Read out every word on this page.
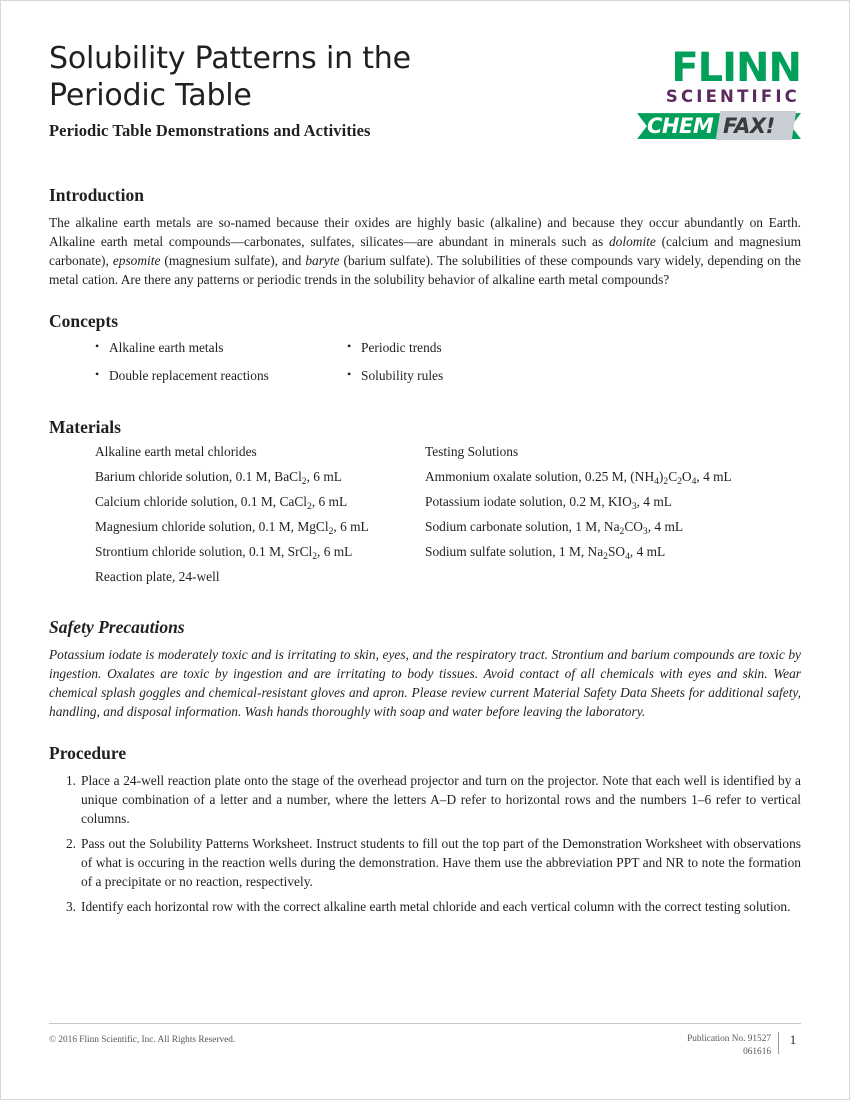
Solubility Patterns in the
Periodic Table
Periodic Table Demonstrations and Activities
FLINN
SCIENTIFIC
CHEM FAX!
Introduction

The alkaline earth metals are so-named because their oxides are highly basic (alkaline) and because they occur abundantly on Earth. Alkaline earth metal compounds—carbonates, sulfates, silicates—are abundant in minerals such as dolomite (calcium and magnesium carbonate), epsomite (magnesium sulfate), and baryte (barium sulfate). The solubilities of these compounds vary widely, depending on the metal cation. Are there any patterns or periodic trends in the solubility behavior of alkaline earth metal compounds?

Concepts
• Alkaline earth metals
• Double replacement reactions
• Periodic trends
• Solubility rules
Materials
Alkaline earth metal chlorides
Barium chloride solution, 0.1 M, BaCl$_2$, 6 mL
Calcium chloride solution, 0.1 M, CaCl$_2$, 6 mL
Magnesium chloride solution, 0.1 M, MgCl$_2$, 6 mL
Strontium chloride solution, 0.1 M, SrCl$_2$, 6 mL
Reaction plate, 24-well
Testing Solutions
Ammonium oxalate solution, 0.25 M, $(NH_4)_2C_2O_4$, 4 mL
Potassium iodate solution, 0.2 M, $KIO_3$, 4 mL
Sodium carbonate solution, 1 M, $Na_2CO_3$, 4 mL
Sodium sulfate solution, 1 M, $Na_2SO_4$, 4 mL
Safety Precautions

Potassium iodate is moderately toxic and is irritating to skin, eyes, and the respiratory tract. Strontium and barium compounds are toxic by ingestion. Oxalates are toxic by ingestion and are irritating to body tissues. Avoid contact of all chemicals with eyes and skin. Wear chemical splash goggles and chemical-resistant gloves and apron. Please review current Material Safety Data Sheets for additional safety, handling, and disposal information. Wash hands thoroughly with soap and water before leaving the laboratory.

Procedure
Place a 24-well reaction plate onto the stage of the overhead projector and turn on the projector. Note that each well is identified by a unique combination of a letter and a number, where the letters A–D refer to horizontal rows and the numbers 1–6 refer to vertical columns.
Pass out the Solubility Patterns Worksheet. Instruct students to fill out the top part of the Demonstration Worksheet with observations of what is occuring in the reaction wells during the demonstration. Have them use the abbreviation PPT and NR to note the formation of a precipitate or no reaction, respectively.
Identify each horizontal row with the correct alkaline earth metal chloride and each vertical column with the correct testing solution.
© 2016 Flinn Scientific, Inc. All Rights Reserved.	Publication No. 91527
061616
1
